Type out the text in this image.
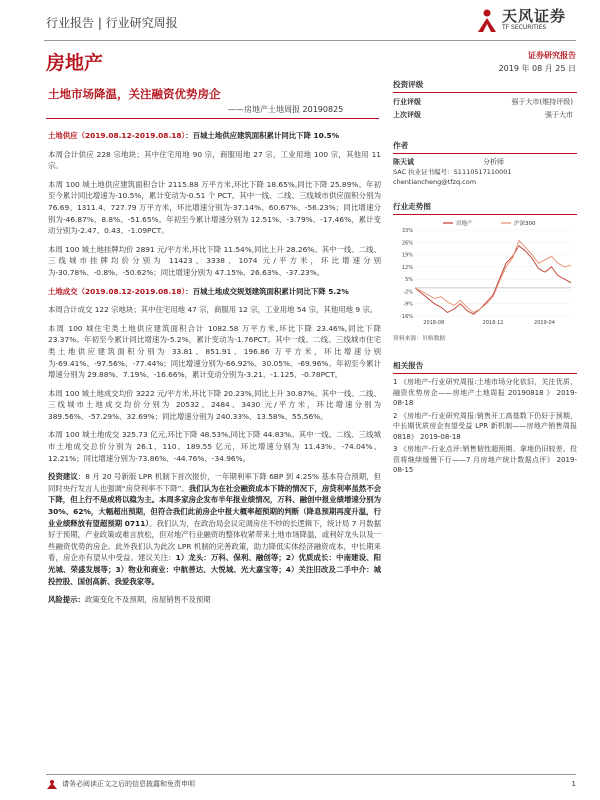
行业报告 | 行业研究周报	天风证券
TF SECURITIES
房地产	证券研究报告
2019 年 08 月 25 日
土地市场降温，关注融资优势房企
——房地产土地周报 20190825

土地供应（2019.08.12-2019.08.18）：百城土地供应建筑面积累计同比下降 10.5%

本周合计供应 228 宗地块；其中住宅用地 90 宗，商服用地 27 宗，工业用地 100 宗，其他用 11 宗。

本周 100 城土地供应建筑面积合计 2115.88 万平方米,环比下降 18.65%,同比下降 25.89%。年初至今累计同比增速为-10.5%，累计变动为-0.51 个 PCT。其中一线、二线、三线城市供应面积分别为 76.69、1311.4、727.79 万平方米，环比增速分别为-37.14%、60.67%、-56.23%；同比增速分别为-46.87%、8.8%、-51.65%。年初至今累计增速分别为 12.51%、-3.79%、-17.46%，累计变动分别为-2.47、0.43、-1.09PCT。

本周 100 城土地挂牌均价 2891 元/平方米,环比下降 11.54%,同比上升 28.26%。其中一线、二线、三线城市挂牌均价分别为 11423、3338、1074 元/平方米，环比增速分别为-30.78%、-0.8%、-50.62%；同比增速分别为 47.15%、26.63%、-37.23%。

土地成交（2019.08.12-2019.08.18）：百城土地成交规划建筑面积累计同比下降 5.2%

本周合计成交 122 宗地块；其中住宅用地 47 宗，商服用 12 宗，工业用地 54 宗，其他用地 9 宗。

本周 100 城住宅类土地供应建筑面积合计 1082.58 万平方米,环比下降 23.46%,同比下降 23.37%。年初至今累计同比增速为-5.2%，累计变动为-1.76PCT。其中一线、二线、三线城市住宅类土地供应建筑面积分别为 33.81、851.91、196.86 万平方米，环比增速分别为-69.41%、-97.56%、-77.44%；同比增速分别为-66.92%、30.05%、-69.96%。年初至今累计增速分别为 29.88%、7.19%、-16.66%，累计变动分别为-3.21、-1.125、-0.78PCT。

本周 100 城土地成交均价 3222 元/平方米,环比下降 20.23%,同比上升 30.87%。其中一线、二线、三线城市土地成交均价分别为 20532、2484、3430 元/平方米，环比增速分别为 389.56%、-57.29%、32.69%；同比增速分别为 240.33%、13.58%、55.56%。

本周 100 城土地成交 325.73 亿元,环比下降 48.53%,同比下降 44.83%。其中一线、二线、三线城市土地成交总价分别为 26.1、110、189.55 亿元，环比增速分别为 11.43%、-74.04%、12.21%；同比增速分别为-73.86%、-44.76%、-34.96%。

投资建议：8 月 20 号新版 LPR 机制下首次报价，一年期利率下降 6BP 到 4.25% 基本符合预期，但同时央行发言人也强调“房贷利率不下降”。我们认为在社会融资成本下降的情况下，房贷利率虽然不会下降，但上行不是或将以稳为主。本周多家房企发布半年报业绩情况，万科、融创中报业绩增速分别为 30%、62%，大幅超出预期，但符合我们此前房企中报大概率超预期的判断（降息预期再度升温，行业业绩释放有望超预期 0711）。我们认为，在政治局会议定调房住不炒的长逻辑下，统计局 7 月数据好于预期，产业政策或难言放松，但对地产行业融资的整体收紧带来土地市场降温，或利好龙头以及一些融资优势的房企。此外我们认为此次 LPR 机制的完善政策，助力降低实体经济融资成本，中长期来看，房企亦有望从中受益。建议关注：1）龙头：万科、保利、融创等；2）优质成长：中南建设、阳光城、荣盛发展等；3）物业和商业：中航善达、大悦城、光大嘉宝等；4）关注旧改及二手中介：城投控股、国创高新、我爱我家等。

风险提示：政策变化不及预期，房屋销售不及预期

投资评级
行业评级	强于大市(维持评级)
上次评级	强于大市
作者
陈天诚	分析师
SAC 执业证书编号：S1110517110001
chentiancheng@tfzq.com
行业走势图
33%
26%
19%
12%
5%
-2%
-9%
-16%
2018-08	2018-12	2019-04
房地产	沪深300
资料来源：贝格数据
相关报告
1 《房地产-行业研究周报:土地市场分化依旧，关注优质、融资优势房企——房地产土地周报 20190818 》 2019-08-18
2 《房地产-行业研究周报:销售开工高基数下仍好于预期，中长期优质房企有望受益 LPR 新机制——房地产销售周报0818》 2019-08-18
3 《房地产-行业点评:销售韧性超预期、拿地仍旧较差、投资将继续缓慢下行——7 月房地产统计数据点评》 2019-08-15
请务必阅读正文之后的信息披露和免责申明	1
